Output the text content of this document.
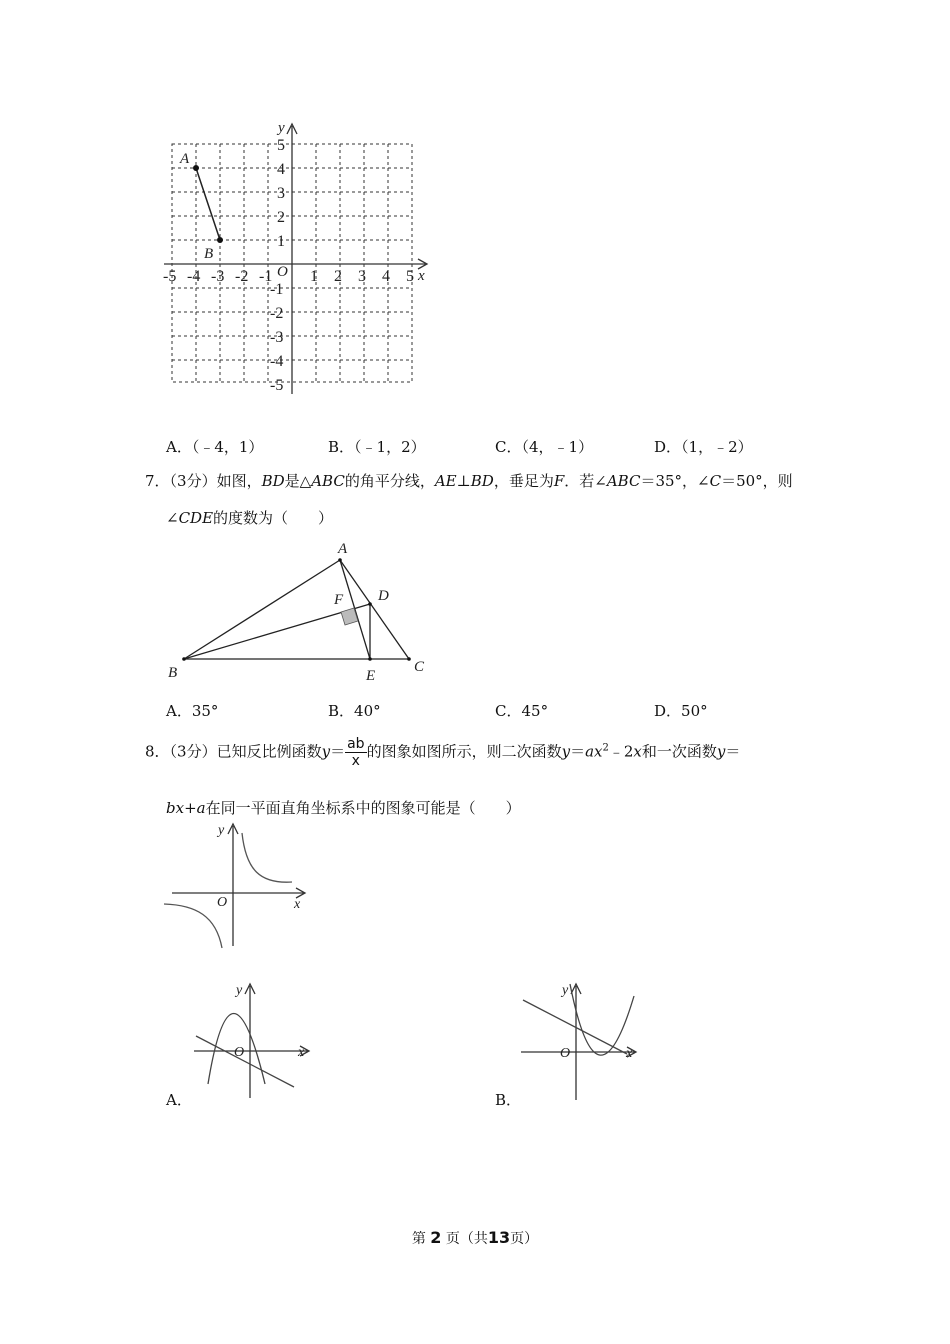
-5 -4 -3 -2 -1 1 2 3 4 5
1
2
3
4
5
-1
-2
-3
-4
-5
x
y
O
A
B
A．（﹣4，1）	B．（﹣1，2）	C．（4，﹣1）	D．（1，﹣2）
7．（3分）如图，BD是△ABC的角平分线，AE⊥BD，垂足为F．若∠ABC＝35°，∠C＝50°，则
∠CDE的度数为（　　）
A
B	C
D
E
F
A．35°	B．40°	C．45°	D．50°
8．（3分）已知反比例函数$y= \frac{ab}{x}$ 的图象如图所示，则二次函数$y=ax^2﹣2x$和一次函数y＝
bx+a在同一平面直角坐标系中的图象可能是（　　）
x
y
O
x
y
O
A．
x
y
O
B．
第 2 页（共13页）
